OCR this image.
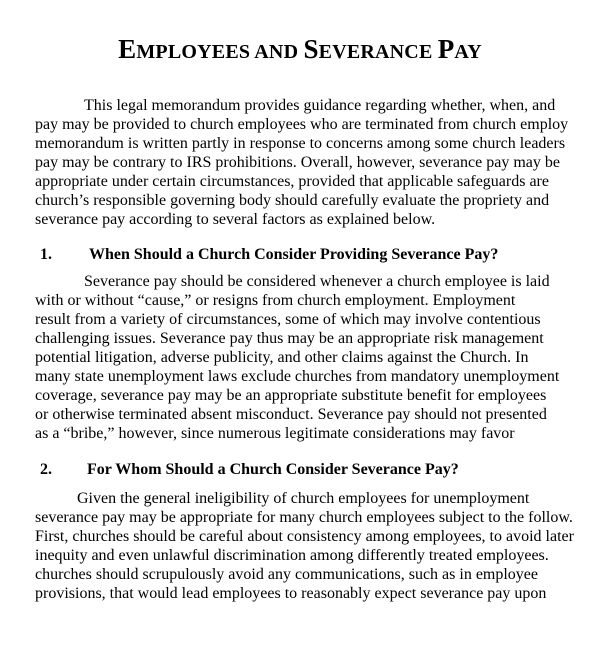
EMPLOYEES AND SEVERANCE PAY
This legal memorandum provides guidance regarding whether, when, and
pay may be provided to church employees who are terminated from church employ
memorandum is written partly in response to concerns among some church leaders
pay may be contrary to IRS prohibitions. Overall, however, severance pay may be
appropriate under certain circumstances, provided that applicable safeguards are
church’s responsible governing body should carefully evaluate the propriety and
severance pay according to several factors as explained below.
1. When Should a Church Consider Providing Severance Pay?
Severance pay should be considered whenever a church employee is laid
with or without “cause,” or resigns from church employment. Employment
result from a variety of circumstances, some of which may involve contentious
challenging issues. Severance pay thus may be an appropriate risk management
potential litigation, adverse publicity, and other claims against the Church. In
many state unemployment laws exclude churches from mandatory unemployment
coverage, severance pay may be an appropriate substitute benefit for employees
or otherwise terminated absent misconduct. Severance pay should not presented
as a “bribe,” however, since numerous legitimate considerations may favor
2. For Whom Should a Church Consider Severance Pay?
Given the general ineligibility of church employees for unemployment
severance pay may be appropriate for many church employees subject to the follow.
First, churches should be careful about consistency among employees, to avoid later
inequity and even unlawful discrimination among differently treated employees.
churches should scrupulously avoid any communications, such as in employee
provisions, that would lead employees to reasonably expect severance pay upon
